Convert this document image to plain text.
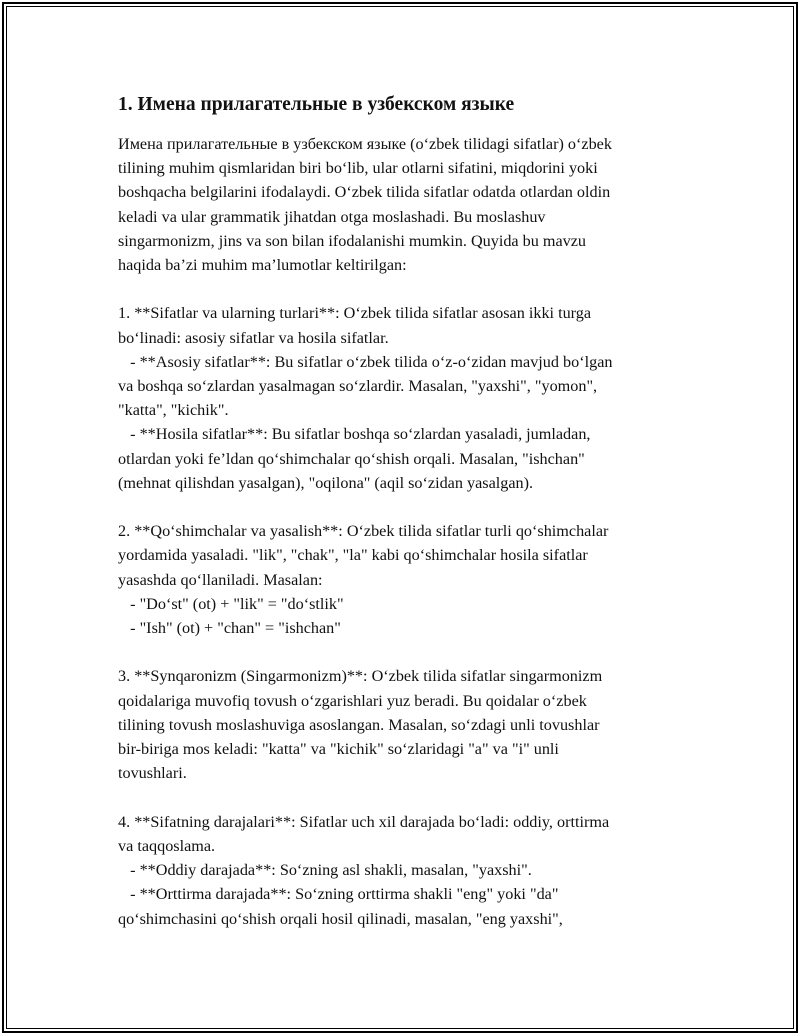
1. Имена прилагательные в узбекском языке

Имена прилагательные в узбекском языке (o‘zbek tilidagi sifatlar) o‘zbek
tilining muhim qismlaridan biri bo‘lib, ular otlarni sifatini, miqdorini yoki
boshqacha belgilarini ifodalaydi. O‘zbek tilida sifatlar odatda otlardan oldin
keladi va ular grammatik jihatdan otga moslashadi. Bu moslashuv
singarmonizm, jins va son bilan ifodalanishi mumkin. Quyida bu mavzu
haqida ba’zi muhim ma’lumotlar keltirilgan:

1. **Sifatlar va ularning turlari**: O‘zbek tilida sifatlar asosan ikki turga
bo‘linadi: asosiy sifatlar va hosila sifatlar.
- **Asosiy sifatlar**: Bu sifatlar o‘zbek tilida o‘z-o‘zidan mavjud bo‘lgan
va boshqa so‘zlardan yasalmagan so‘zlardir. Masalan, "yaxshi", "yomon",
"katta", "kichik".
- **Hosila sifatlar**: Bu sifatlar boshqa so‘zlardan yasaladi, jumladan,
otlardan yoki fe’ldan qo‘shimchalar qo‘shish orqali. Masalan, "ishchan"
(mehnat qilishdan yasalgan), "oqilona" (aqil so‘zidan yasalgan).

2. **Qo‘shimchalar va yasalish**: O‘zbek tilida sifatlar turli qo‘shimchalar
yordamida yasaladi. "lik", "chak", "la" kabi qo‘shimchalar hosila sifatlar
yasashda qo‘llaniladi. Masalan:
- "Do‘st" (ot) + "lik" = "do‘stlik"
- "Ish" (ot) + "chan" = "ishchan"

3. **Synqaronizm (Singarmonizm)**: O‘zbek tilida sifatlar singarmonizm
qoidalariga muvofiq tovush o‘zgarishlari yuz beradi. Bu qoidalar o‘zbek
tilining tovush moslashuviga asoslangan. Masalan, so‘zdagi unli tovushlar
bir-biriga mos keladi: "katta" va "kichik" so‘zlaridagi "a" va "i" unli
tovushlari.

4. **Sifatning darajalari**: Sifatlar uch xil darajada bo‘ladi: oddiy, orttirma
va taqqoslama.
- **Oddiy darajada**: So‘zning asl shakli, masalan, "yaxshi".
- **Orttirma darajada**: So‘zning orttirma shakli "eng" yoki "da"
qo‘shimchasini qo‘shish orqali hosil qilinadi, masalan, "eng yaxshi",
